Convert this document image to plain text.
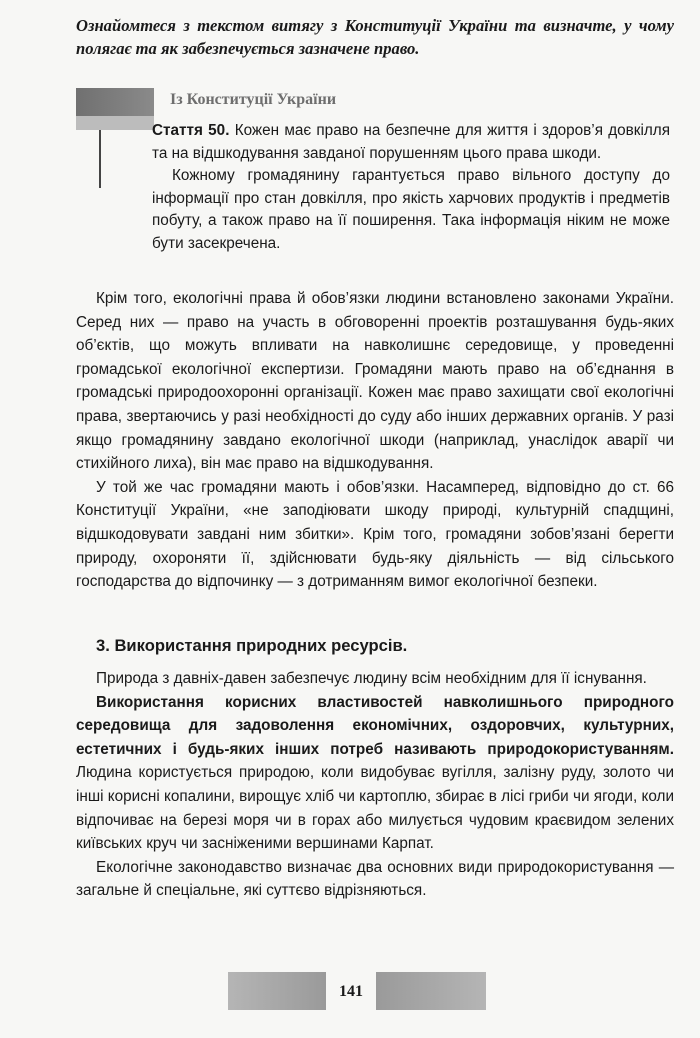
Ознайомтеся з текстом витягу з Конституції України та визначте, у чому полягає та як забезпечується зазначене право.
Із Конституції України

Стаття 50. Кожен має право на безпечне для життя і здоров’я довкілля та на відшкодування завданої порушенням цього права шкоди.

Кожному громадянину гарантується право вільного доступу до інформації про стан довкілля, про якість харчових продуктів і предметів побуту, а також право на її поширення. Така інформація ніким не може бути засекречена.

Крім того, екологічні права й обов’язки людини встановлено законами України. Серед них — право на участь в обговоренні проектів розташування будь-яких об’єктів, що можуть впливати на навколишнє середовище, у проведенні громадської екологічної експертизи. Громадяни мають право на об’єднання в громадські природоохоронні організації. Кожен має право захищати свої екологічні права, звертаючись у разі необхідності до суду або інших державних органів. У разі якщо громадянину завдано екологічної шкоди (наприклад, унаслідок аварії чи стихійного лиха), він має право на відшкодування.

У той же час громадяни мають і обов’язки. Насамперед, відповідно до ст. 66 Конституції України, «не заподіювати шкоду природі, культурній спадщині, відшкодовувати завдані ним збитки». Крім того, громадяни зобов’язані берегти природу, охороняти її, здійснювати будь-яку діяльність — від сільського господарства до відпочинку — з дотриманням вимог екологічної безпеки.

3. Використання природних ресурсів.

Природа з давніх-давен забезпечує людину всім необхідним для її існування.

Використання корисних властивостей навколишнього природного середовища для задоволення економічних, оздоровчих, культурних, естетичних і будь-яких інших потреб називають природокористуванням. Людина користується природою, коли видобуває вугілля, залізну руду, золото чи інші корисні копалини, вирощує хліб чи картоплю, збирає в лісі гриби чи ягоди, коли відпочиває на березі моря чи в горах або милується чудовим краєвидом зелених київських круч чи засніженими вершинами Карпат.

Екологічне законодавство визначає два основних види природокористування — загальне й спеціальне, які суттєво відрізняються.

141
